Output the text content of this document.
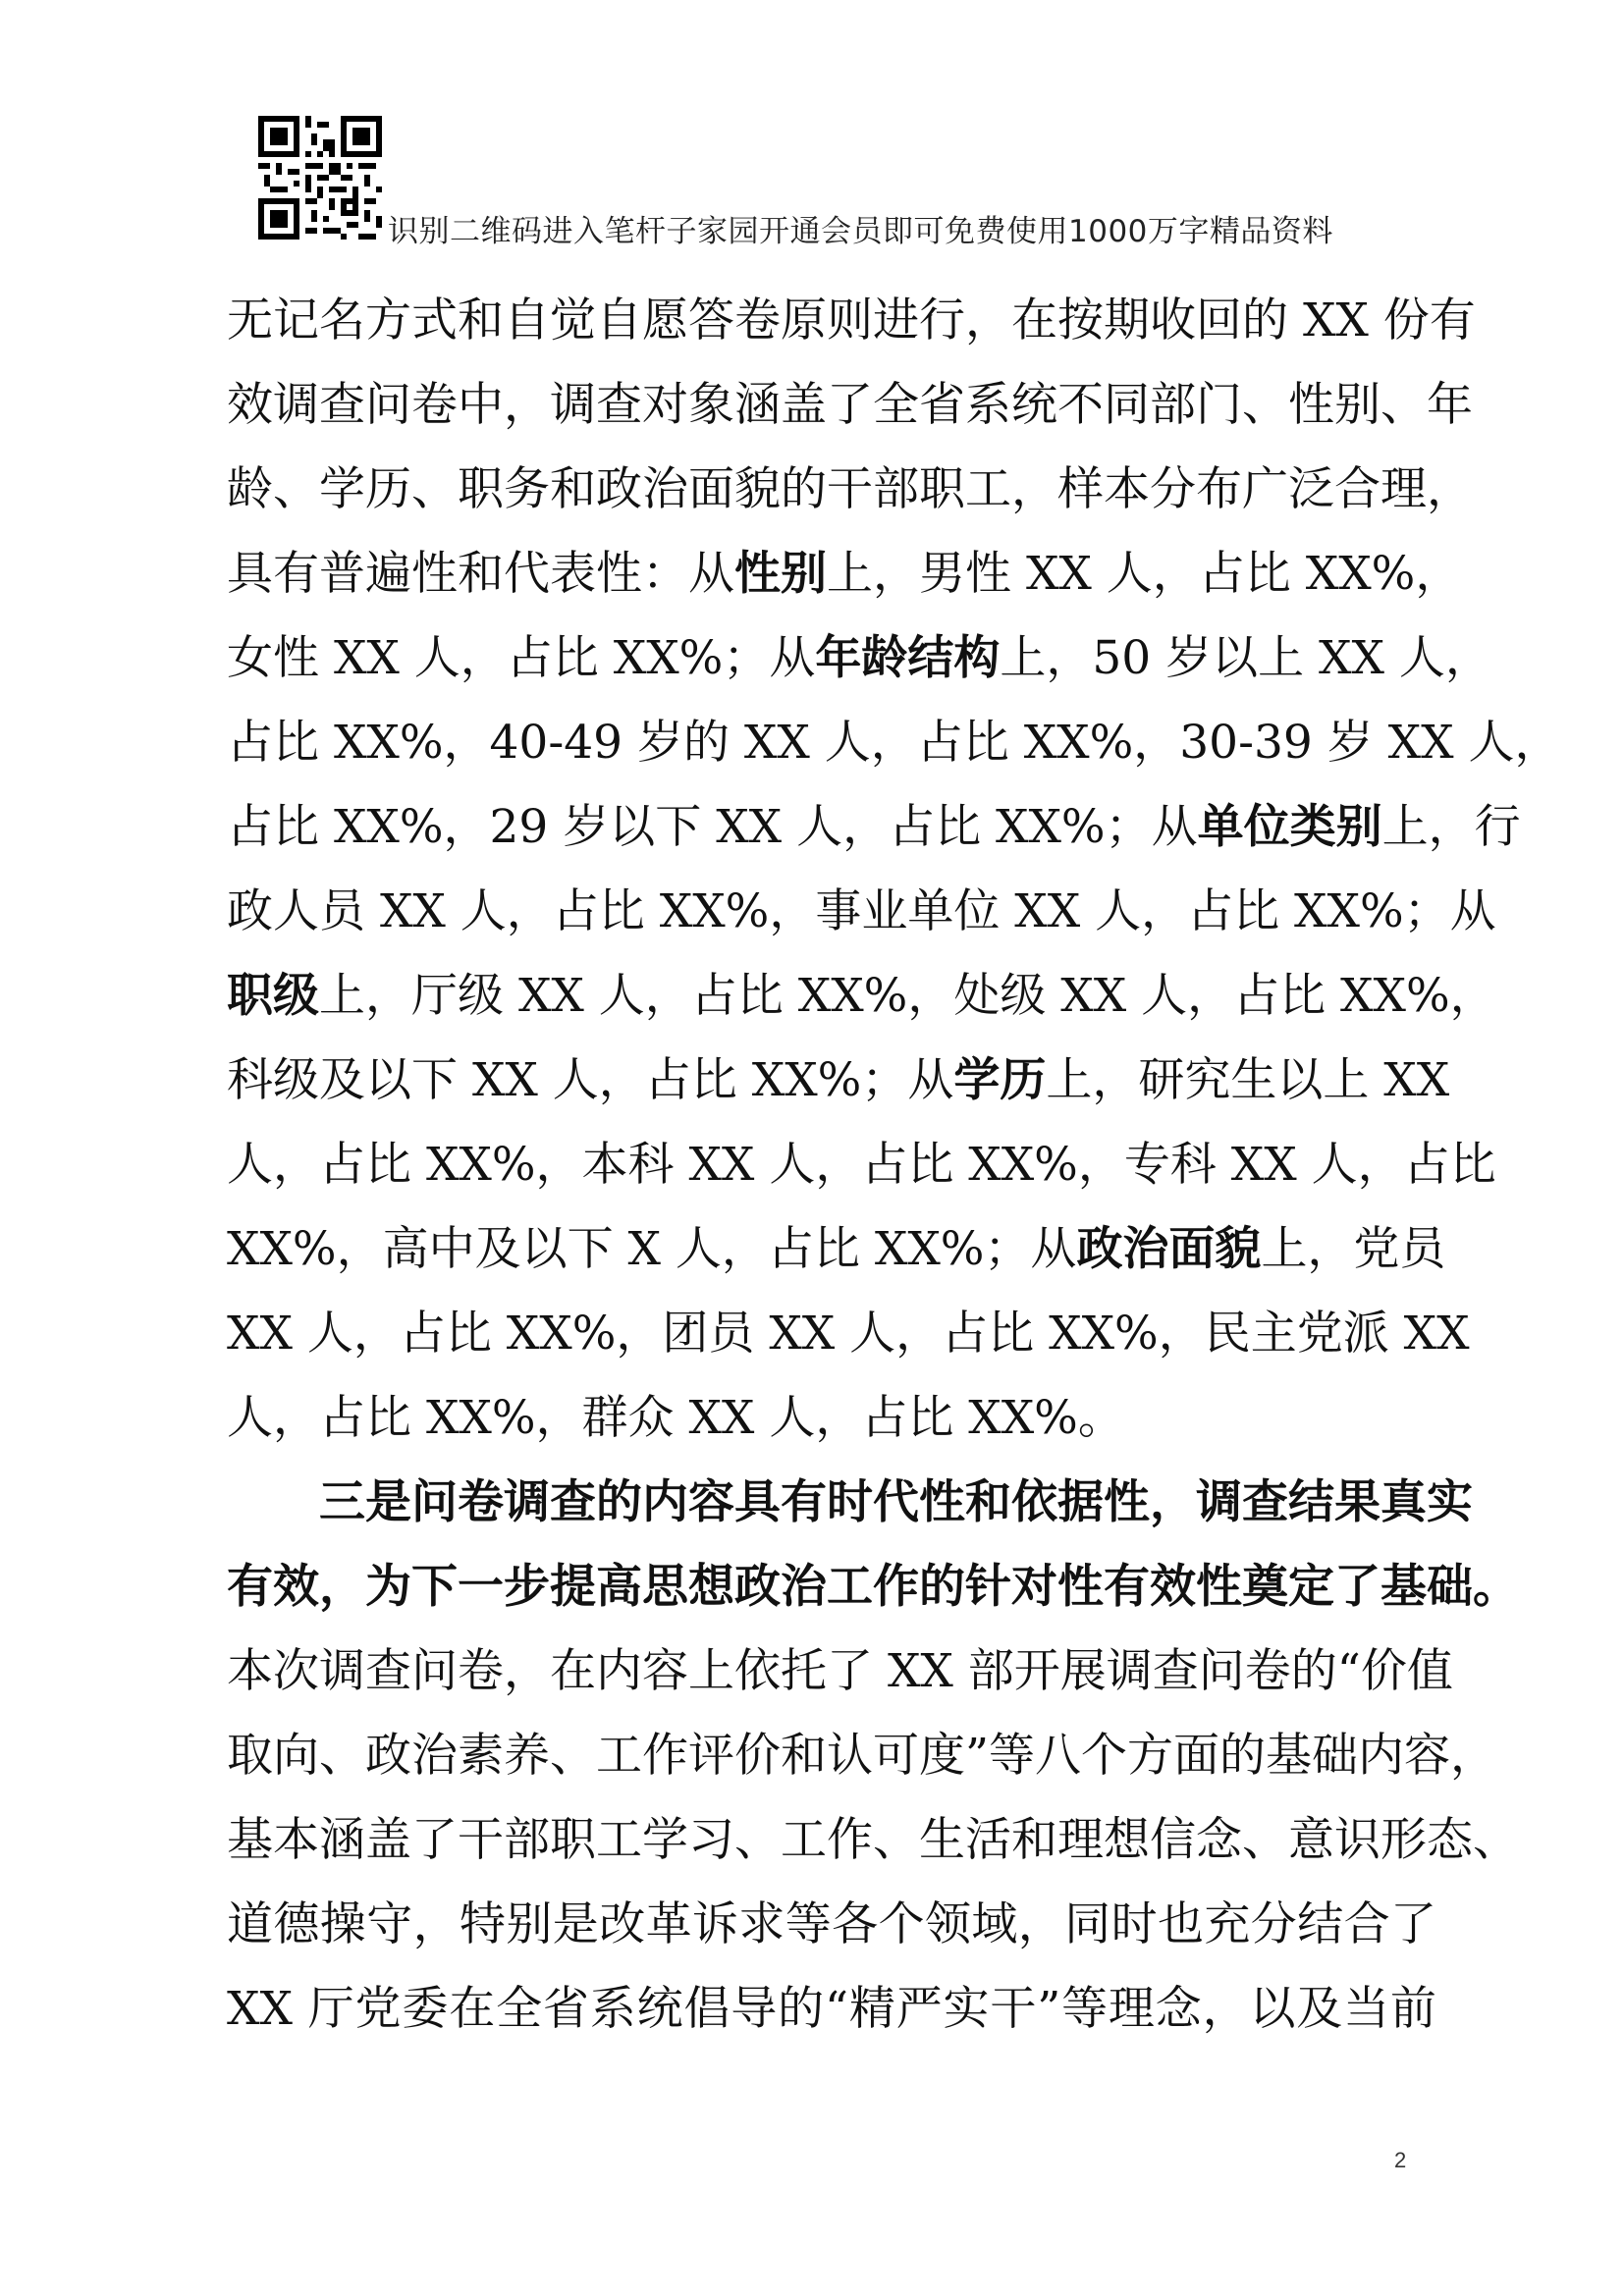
识别二维码进入笔杆子家园开通会员即可免费使用1000万字精品资料
无记名方式和自觉自愿答卷原则进行，在按期收回的 XX 份有
效调查问卷中，调查对象涵盖了全省系统不同部门、性别、年
龄、学历、职务和政治面貌的干部职工，样本分布广泛合理，
具有普遍性和代表性：从性别上，男性 XX 人，占比 XX%，
女性 XX 人，占比 XX%；从年龄结构上，50 岁以上 XX 人，
占比 XX%，40-49 岁的 XX 人，占比 XX%，30-39 岁 XX 人，
占比 XX%，29 岁以下 XX 人，占比 XX%；从单位类别上，行
政人员 XX 人，占比 XX%，事业单位 XX 人，占比 XX%；从
职级上，厅级 XX 人，占比 XX%，处级 XX 人，占比 XX%，
科级及以下 XX 人，占比 XX%；从学历上，研究生以上 XX
人，占比 XX%，本科 XX 人，占比 XX%，专科 XX 人，占比
XX%，高中及以下 X 人，占比 XX%；从政治面貌上，党员
XX 人，占比 XX%，团员 XX 人，占比 XX%，民主党派 XX
人，占比 XX%，群众 XX 人，占比 XX%。
三是问卷调查的内容具有时代性和依据性，调查结果真实
有效，为下一步提高思想政治工作的针对性有效性奠定了基础。
本次调查问卷，在内容上依托了 XX 部开展调查问卷的“价值
取向、政治素养、工作评价和认可度”等八个方面的基础内容，
基本涵盖了干部职工学习、工作、生活和理想信念、意识形态、
道德操守，特别是改革诉求等各个领域，同时也充分结合了
XX 厅党委在全省系统倡导的“精严实干”等理念，以及当前
2
